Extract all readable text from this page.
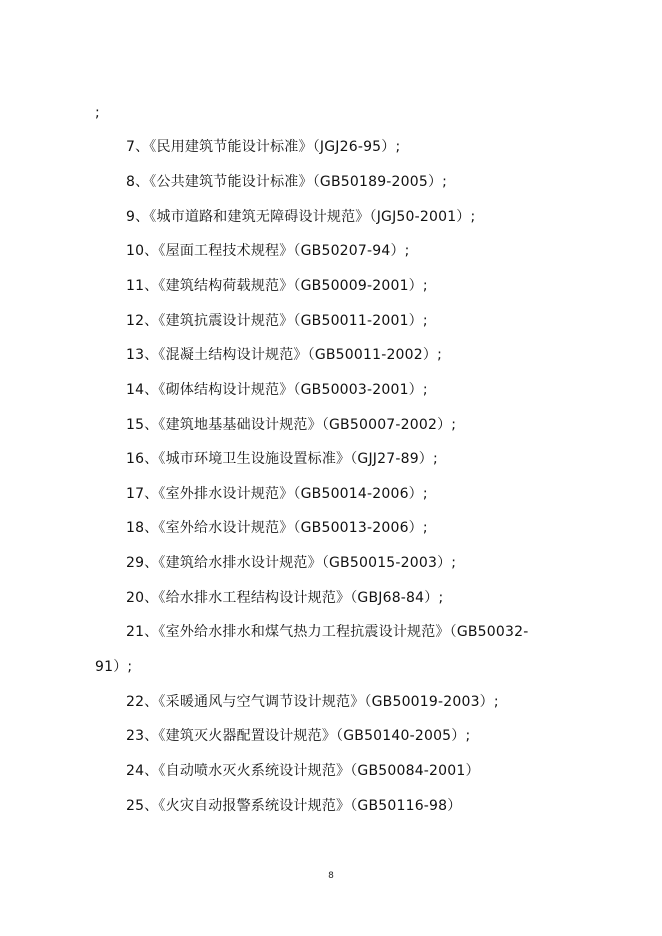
;
7、《民用建筑节能设计标准》（JGJ26-95）;
8、《公共建筑节能设计标准》（GB50189-2005）;
9、《城市道路和建筑无障碍设计规范》（JGJ50-2001）;
10、《屋面工程技术规程》（GB50207-94）;
11、《建筑结构荷载规范》（GB50009-2001）;
12、《建筑抗震设计规范》（GB50011-2001）;
13、《混凝土结构设计规范》（GB50011-2002）;
14、《砌体结构设计规范》（GB50003-2001）;
15、《建筑地基基础设计规范》（GB50007-2002）;
16、《城市环境卫生设施设置标准》（GJJ27-89）;
17、《室外排水设计规范》（GB50014-2006）;
18、《室外给水设计规范》（GB50013-2006）;
29、《建筑给水排水设计规范》（GB50015-2003）;
20、《给水排水工程结构设计规范》（GBJ68-84）;
21、《室外给水排水和煤气热力工程抗震设计规范》（GB50032-
91）;
22、《采暖通风与空气调节设计规范》（GB50019-2003）;
23、《建筑灭火器配置设计规范》（GB50140-2005）;
24、《自动喷水灭火系统设计规范》（GB50084-2001）
25、《火灾自动报警系统设计规范》（GB50116-98）
8
